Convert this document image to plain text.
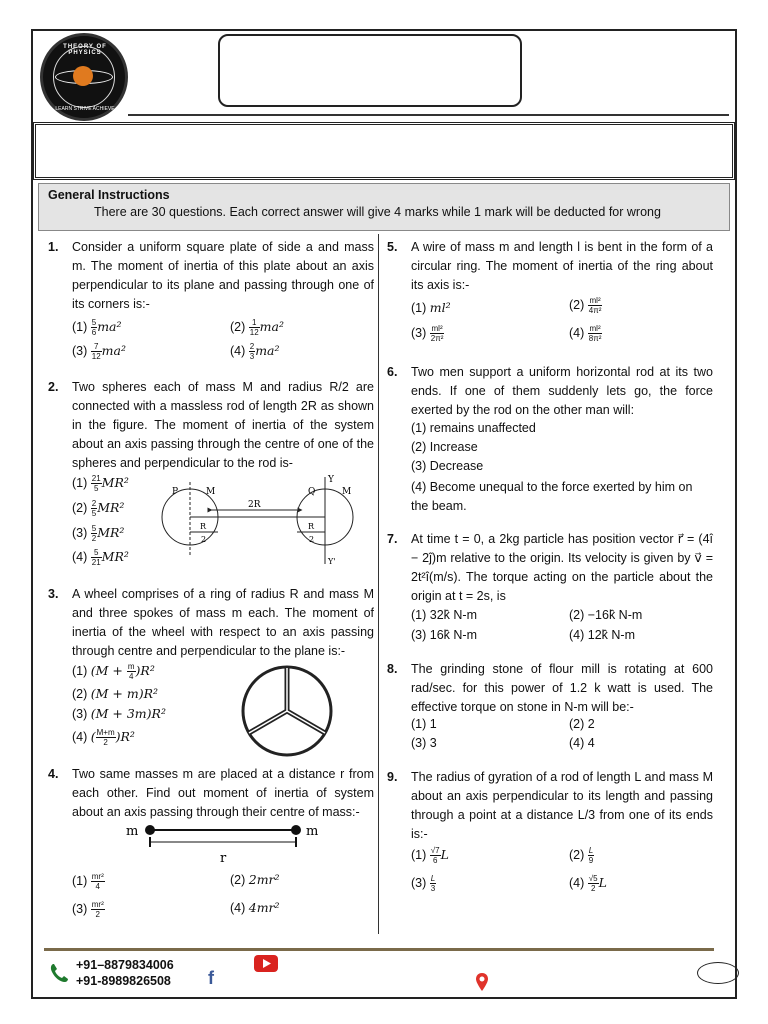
THEORY OF PHYSICS
LEARN STRIVE ACHIEVE
General Instructions
There are 30 questions. Each correct answer will give 4 marks while 1 mark will be deducted for wrong
1. Consider a uniform square plate of side a and mass m. The moment of inertia of this plate about an axis perpendicular to its plane and passing through one of its corners is:-
$(1) \frac{5}{6} ma^2$	$(2) \frac{1}{12} ma^2$
$(3) \frac{7}{12} ma^2$	$(4) \frac{2}{3} ma^2$
2. Two spheres each of mass M and radius R/2 are connected with a massless rod of length 2R as shown in the figure. The moment of inertia of the system about an axis passing through the centre of one of the spheres and perpendicular to the rod is-
$(1) \frac{21}{5} MR^2$
$(2) \frac{2}{5} MR^2$
$(3) \frac{5}{2} MR^2$
$(4) \frac{5}{21} MR^2$
P	M	Q
Y
M
2R
Y'
R
2
R
2
3. A wheel comprises of a ring of radius R and mass M and three spokes of mass m each. The moment of inertia of the wheel with respect to an axis passing through centre and perpendicular to the plane is:-
(1) $(M + \frac{m}{4} )R^2$
(2) (M + m)R²
(3) (M + 3m)R²
(4) ( $\frac{M+m}{2} )R^2$
4. Two same masses m are placed at a distance r from each other. Find out moment of inertia of system about an axis passing through their centre of mass:-
m	m
r
$(1) \frac{\text{mr²}}{4}$	(2) 2mr²
$(3) \frac{\text{mr²}}{2}$	(4) 4mr²
5. A wire of mass m and length l is bent in the form of a circular ring. The moment of inertia of the ring about its axis is:-
(1) ml²	$(2) \frac{\text{ml²}}{\text{4π²}}$
$(3) \frac{\text{ml²}}{\text{2π²}}$	$(4) \frac{\text{ml²}}{\text{8π²}}$
6. Two men support a uniform horizontal rod at its two ends. If one of them suddenly lets go, the force exerted by the rod on the other man will:
(1) remains unaffected
(2) Increase
(3) Decrease
(4) Become unequal to the force exerted by him on the beam.
7. At time t = 0, a 2kg particle has position vector r⃗ = (4î − 2ĵ)m relative to the origin. Its velocity is given by v⃗ = 2t²î(m/s). The torque acting on the particle about the origin at t = 2s, is
(1) 32k̂ N-m	(2) −16k̂ N-m
(3) 16k̂ N-m	(4) 12k̂ N-m
8. The grinding stone of flour mill is rotating at 600 rad/sec. for this power of 1.2 k watt is used. The effective torque on stone in N-m will be:-
(1) 1	(2) 2
(3) 3	(4) 4
9. The radius of gyration of a rod of length L and mass M about an axis perpendicular to its length and passing through a point at a distance L/3 from one of its ends is:-
$(1) \frac{√7}{6}$ L	$(2) \frac{L}{9}$
$(3) \frac{L}{3}$	$(4) \frac{√5}{2}$ L
+91–8879834006
+91-8989826508 f
